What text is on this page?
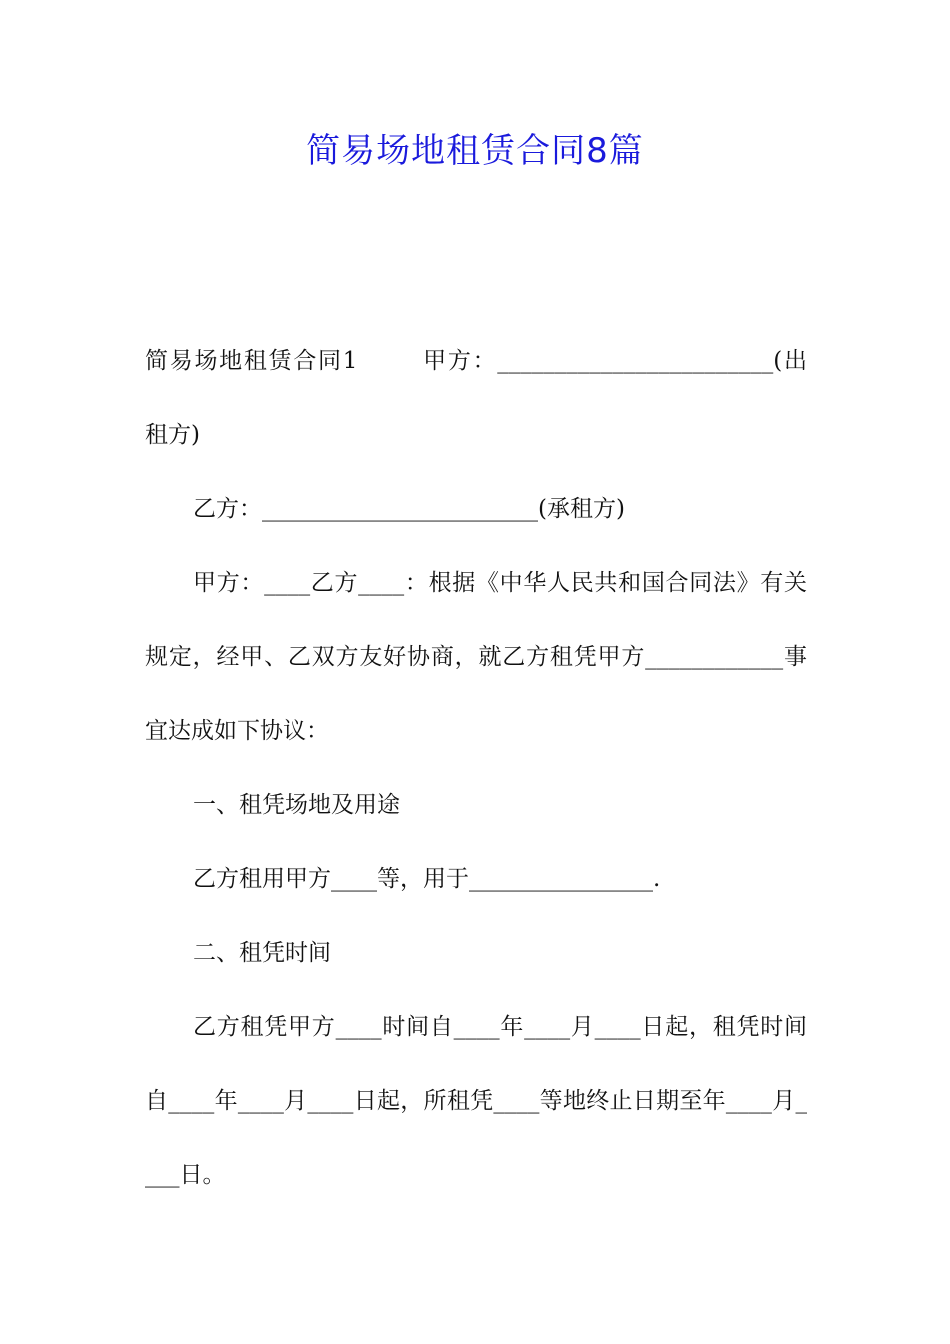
简易场地租赁合同8篇

简易场地租赁合同1	甲方：________________________(出租方)

乙方：________________________(承租方)

甲方：____乙方____：根据《中华人民共和国合同法》有关规定，经甲、乙双方友好协商，就乙方租凭甲方____________事宜达成如下协议：

一、租凭场地及用途

乙方租用甲方____等，用于________________.

二、租凭时间

乙方租凭甲方____时间自____年____月____日起，租凭时间自____年____月____日起，所租凭____等地终止日期至年____月____日。
